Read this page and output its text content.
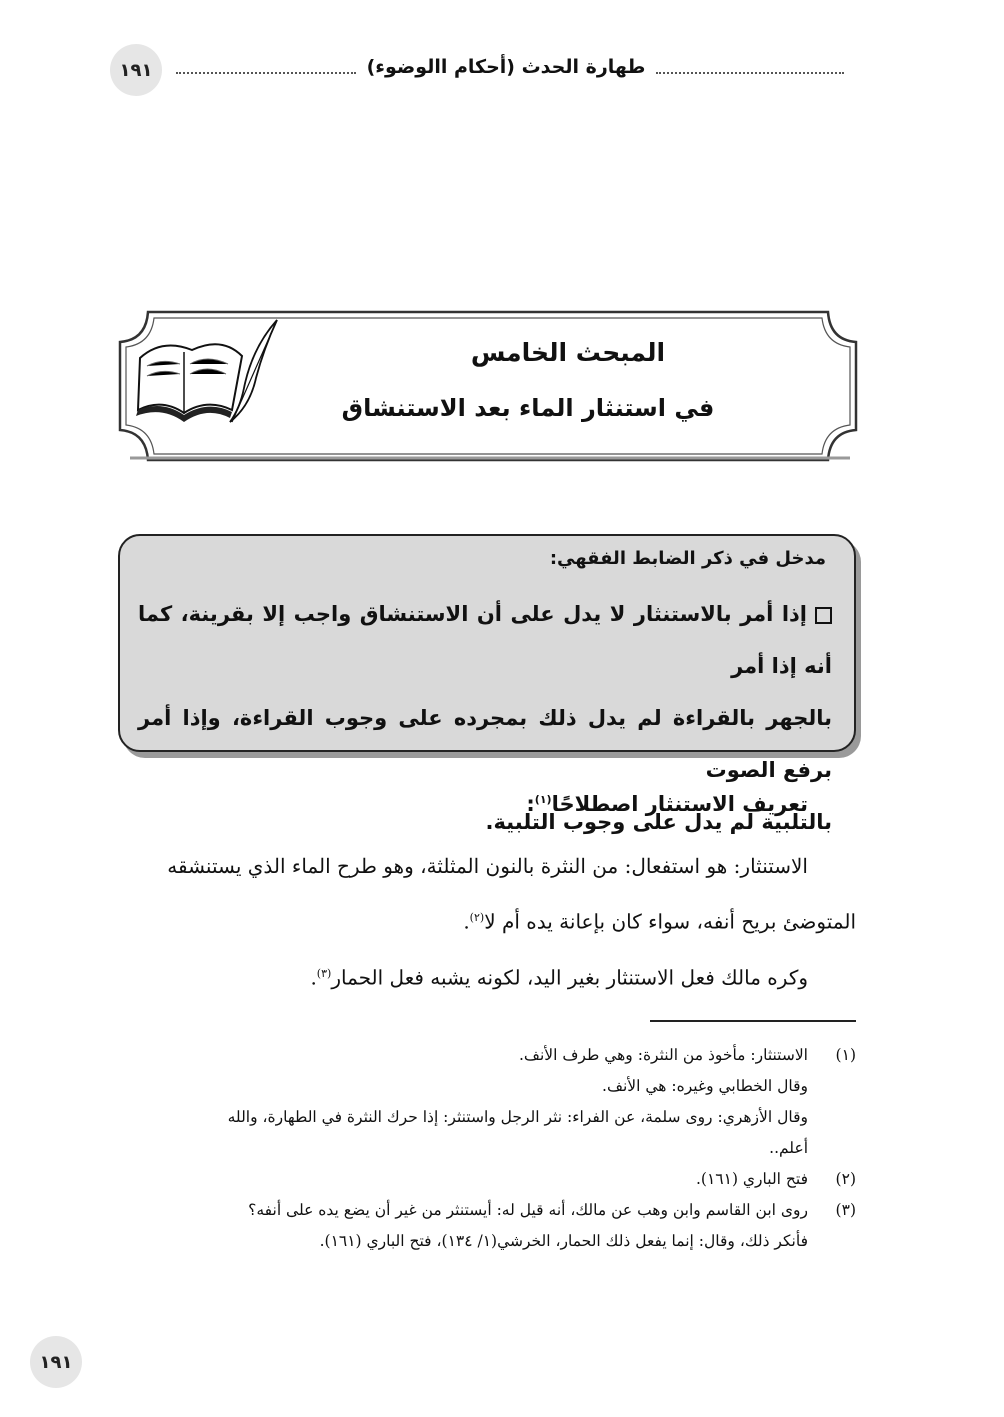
١٩١	طهارة الحدث (أحكام االوضوء)
المبحث الخامس
في استنثار الماء بعد الاستنشاق
مدخل في ذكر الضابط الفقهي:
إذا أمر بالاستنثار لا يدل على أن الاستنشاق واجب إلا بقرينة، كما أنه إذا أمر
بالجهر بالقراءة لم يدل ذلك بمجرده على وجوب القراءة، وإذا أمر برفع الصوت
بالتلبية لم يدل على وجوب التلبية.
تعريف الاستنثار اصطلاحًا$^{(١)}$:
الاستنثار: هو استفعال: من النثرة بالنون المثلثة، وهو طرح الماء الذي يستنشقه
المتوضئ بريح أنفه، سواء كان بإعانة يده أم لا$^{(٢)}$.
وكره مالك فعل الاستنثار بغير اليد، لكونه يشبه فعل الحمار$^{(٣)}$.
(١)
الاستنثار: مأخوذ من النثرة: وهي طرف الأنف.
وقال الخطابي وغيره: هي الأنف.
وقال الأزهري: روى سلمة، عن الفراء: نثر الرجل واستنثر: إذا حرك النثرة في الطهارة، والله
أعلم..
(٢)
فتح الباري (١٦١).
(٣)
روى ابن القاسم وابن وهب عن مالك، أنه قيل له: أيستنثر من غير أن يضع يده على أنفه؟
فأنكر ذلك، وقال: إنما يفعل ذلك الحمار، الخرشي(١/ ١٣٤)، فتح الباري (١٦١).
١٩١
